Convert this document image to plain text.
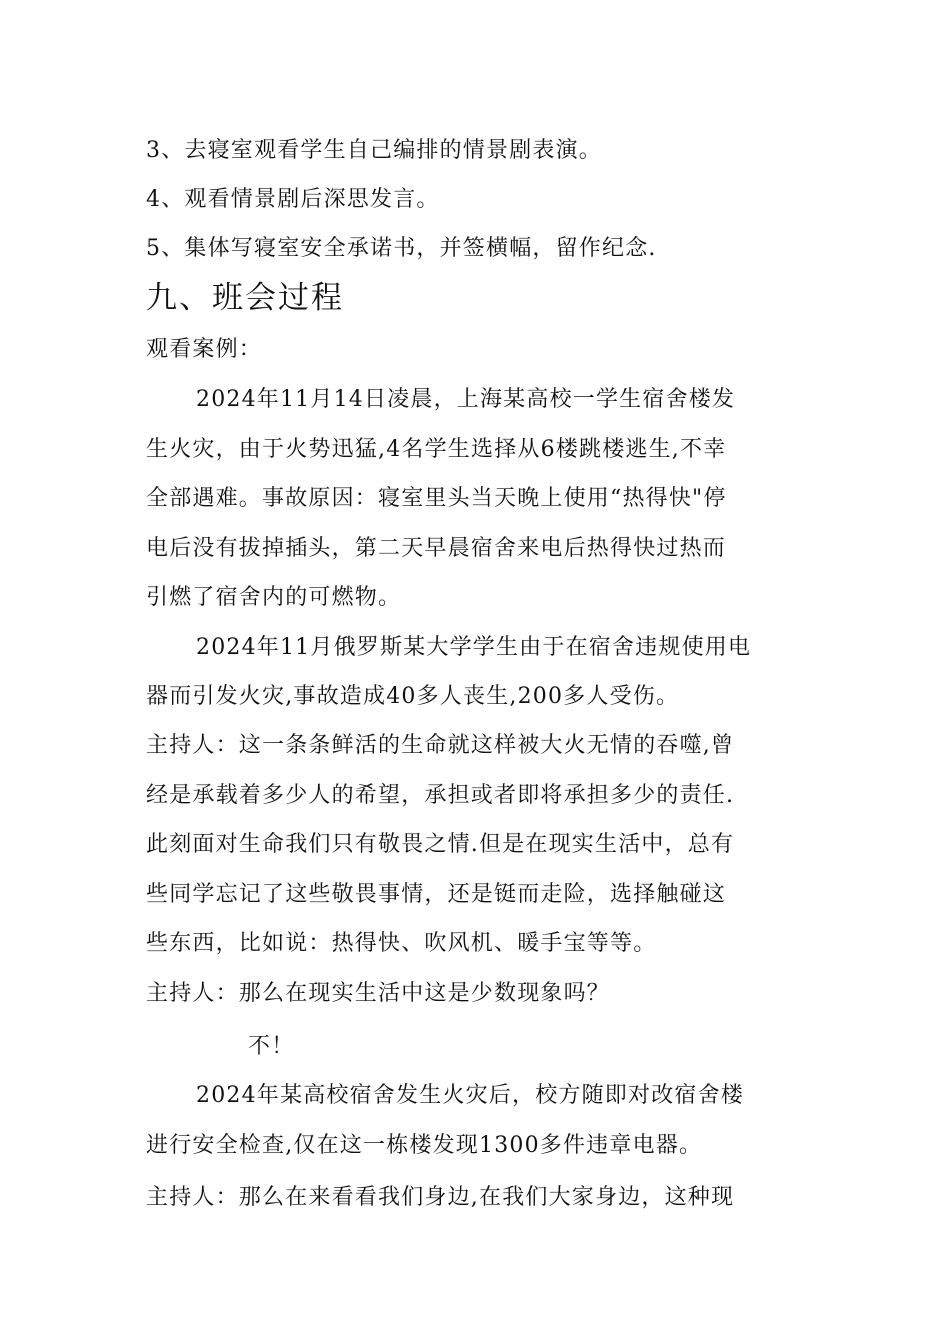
3、去寝室观看学生自己编排的情景剧表演。
4、观看情景剧后深思发言。
5、集体写寝室安全承诺书，并签横幅，留作纪念.
九、班会过程
观看案例：
2024年11月14日凌晨，上海某高校一学生宿舍楼发
生火灾，由于火势迅猛,4名学生选择从6楼跳楼逃生,不幸
全部遇难。事故原因：寝室里头当天晚上使用“热得快"停
电后没有拔掉插头，第二天早晨宿舍来电后热得快过热而
引燃了宿舍内的可燃物。
2024年11月俄罗斯某大学学生由于在宿舍违规使用电
器而引发火灾,事故造成40多人丧生,200多人受伤。
主持人：这一条条鲜活的生命就这样被大火无情的吞噬,曾
经是承载着多少人的希望，承担或者即将承担多少的责任.
此刻面对生命我们只有敬畏之情.但是在现实生活中，总有
些同学忘记了这些敬畏事情，还是铤而走险，选择触碰这
些东西，比如说：热得快、吹风机、暖手宝等等。
主持人：那么在现实生活中这是少数现象吗？
不！
2024年某高校宿舍发生火灾后，校方随即对改宿舍楼
进行安全检查,仅在这一栋楼发现1300多件违章电器。
主持人：那么在来看看我们身边,在我们大家身边，这种现
